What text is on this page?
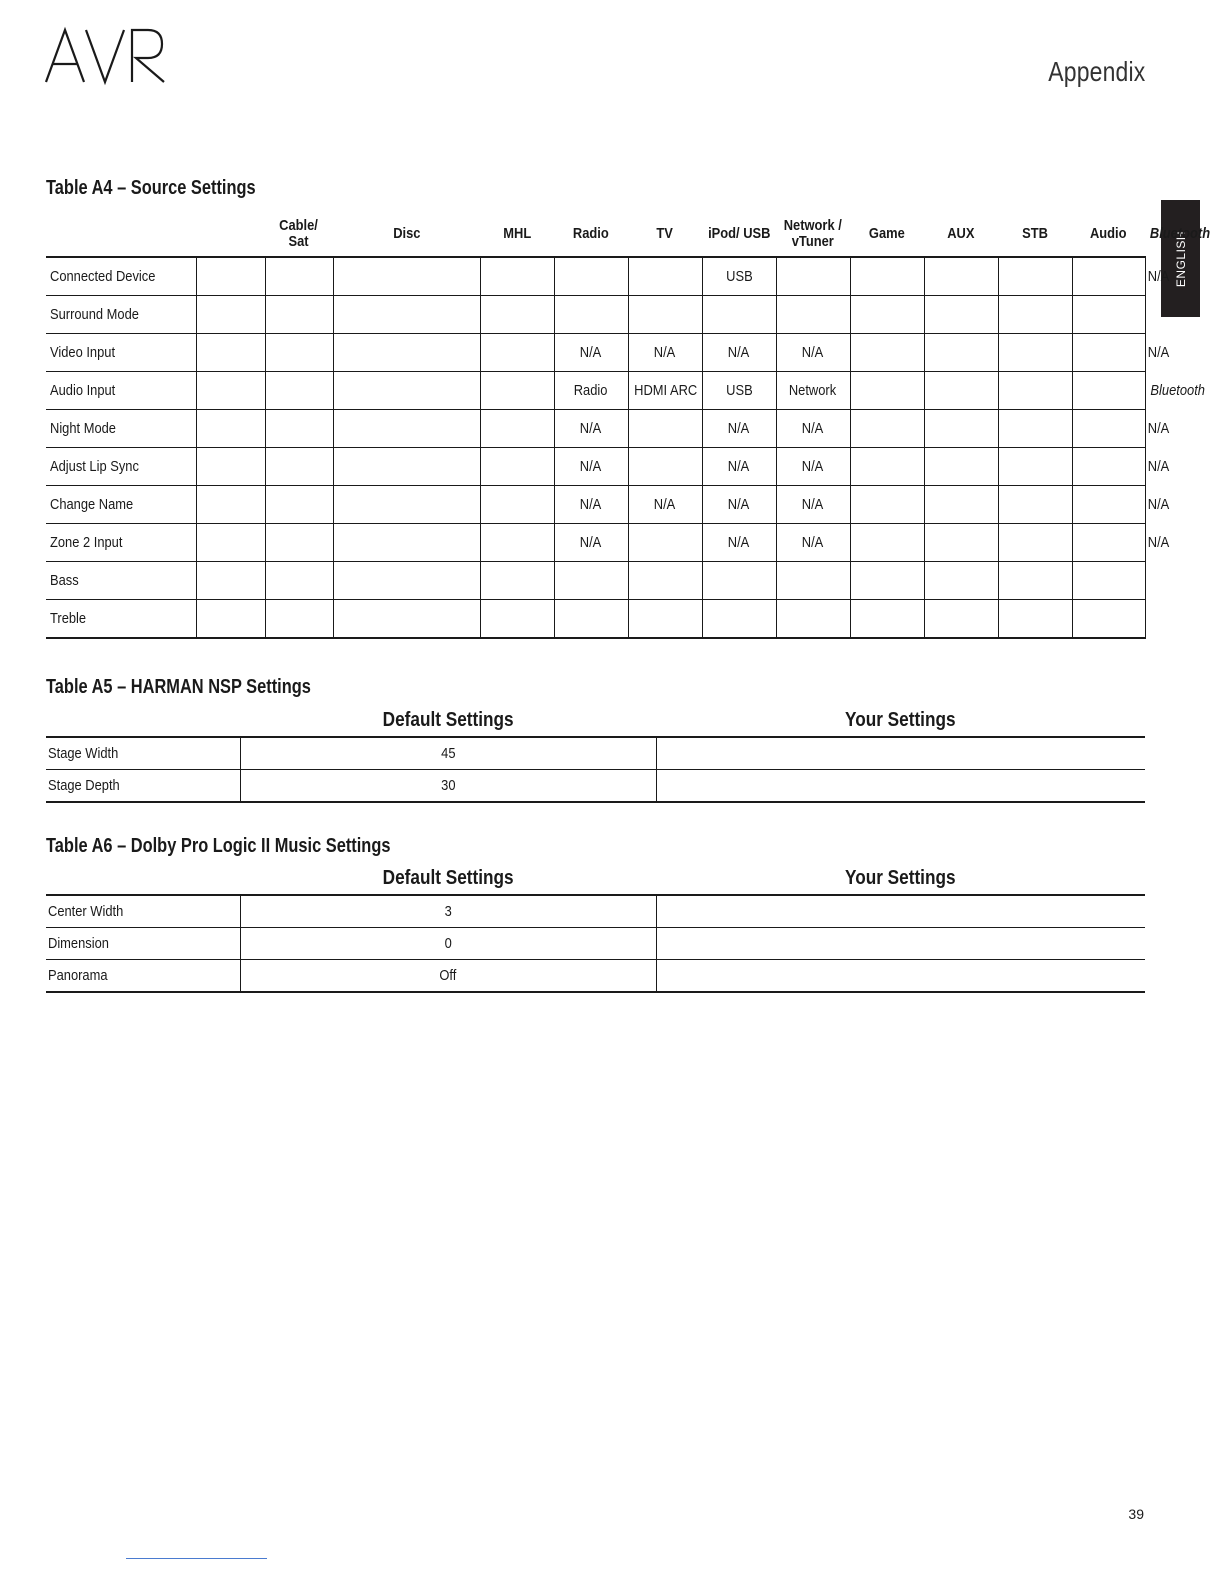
Appendix
ENGLISH
Table A4 – Source Settings
		Cable/
Sat	Disc	MHL	Radio	TV	iPod/ USB	Network /
vTuner	Game	AUX	STB	Audio	Bluetooth
Connected Device							USB						N/A
Surround Mode													
Video Input					N/A	N/A	N/A	N/A					N/A
Audio Input					Radio	HDMI ARC	USB	Network					Bluetooth
Night Mode					N/A		N/A	N/A					N/A
Adjust Lip Sync					N/A		N/A	N/A					N/A
Change Name					N/A	N/A	N/A	N/A					N/A
Zone 2 Input					N/A		N/A	N/A					N/A
Bass													
Treble													
Table A5 – HARMAN NSP Settings
	Default Settings	Your Settings
Stage Width	45	
Stage Depth	30	
Table A6 – Dolby Pro Logic II Music Settings
	Default Settings	Your Settings
Center Width	3	
Dimension	0	
Panorama	Off	
39
